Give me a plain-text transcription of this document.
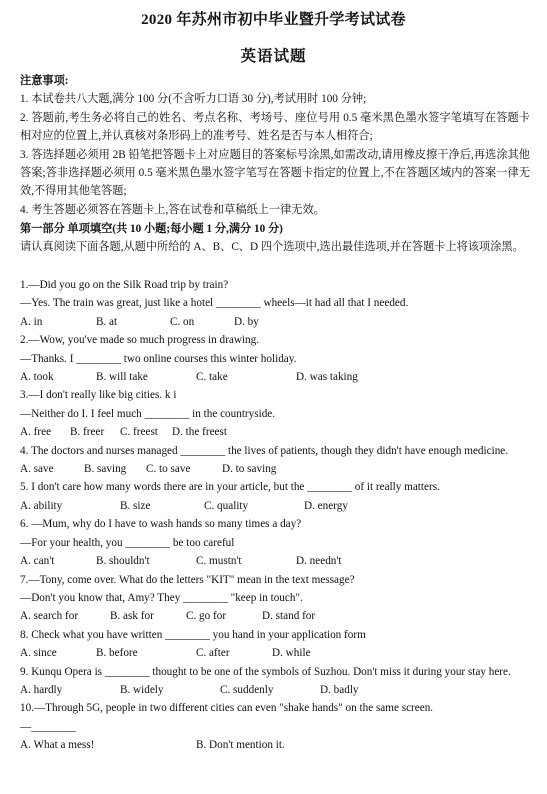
2020 年苏州市初中毕业暨升学考试试卷
英语试题
注意事项:
1. 本试卷共八大题,满分 100 分(不含听力口语 30 分),考试用时 100 分钟;
2. 答题前,考生务必将自己的姓名、考点名称、考场号、座位号用 0.5 毫米黑色墨水签字笔填写在答题卡相对应的位置上,并认真核对条形码上的准考号、姓名是否与本人相符合;
3. 答选择题必须用 2B 铅笔把答题卡上对应题目的答案标号涂黑,如需改动,请用橡皮擦干净后,再选涂其他答案;答非选择题必须用 0.5 毫米黑色墨水签字笔写在答题卡指定的位置上,不在答题区域内的答案一律无效,不得用其他笔答题;
4. 考生答题必须答在答题卡上,答在试卷和草稿纸上一律无效。
第一部分 单项填空(共 10 小题;每小题 1 分,满分 10 分)
请认真阅读下面各题,从题中所给的 A、B、C、D 四个选项中,选出最佳选项,并在答题卡上将该项涂黑。
1.—Did you go on the Silk Road trip by train?
—Yes. The train was great, just like a hotel ________ wheels—it had all that I needed.
A. in	B. at	C. on	D. by
2.—Wow, you've made so much progress in drawing.
—Thanks. I ________ two online courses this winter holiday.
A. took	B. will take	C. take	D. was taking
3.—I don't really like big cities. k i
—Neither do I. I feel much ________ in the countryside.
A. free	B. freer	C. freest	D. the freest
4. The doctors and nurses managed ________ the lives of patients, though they didn't have enough medicine.
A. save	B. saving	C. to save	D. to saving
5. I don't care how many words there are in your article, but the ________ of it really matters.
A. ability	B. size	C. quality	D. energy
6. —Mum, why do I have to wash hands so many times a day?
—For your health, you ________ be too careful
A. can't	B. shouldn't	C. mustn't	D. needn't
7.—Tony, come over. What do the letters "KIT" mean in the text message?
—Don't you know that, Amy? They ________ "keep in touch".
A. search for	B. ask for	C. go for	D. stand for
8. Check what you have written ________ you hand in your application form
A. since	B. before	C. after	D. while
9. Kunqu Opera is ________ thought to be one of the symbols of Suzhou. Don't miss it during your stay here.
A. hardly	B. widely	C. suddenly	D. badly
10.—Through 5G, people in two different cities can even "shake hands" on the same screen.
—________
A. What a mess!	B. Don't mention it.
